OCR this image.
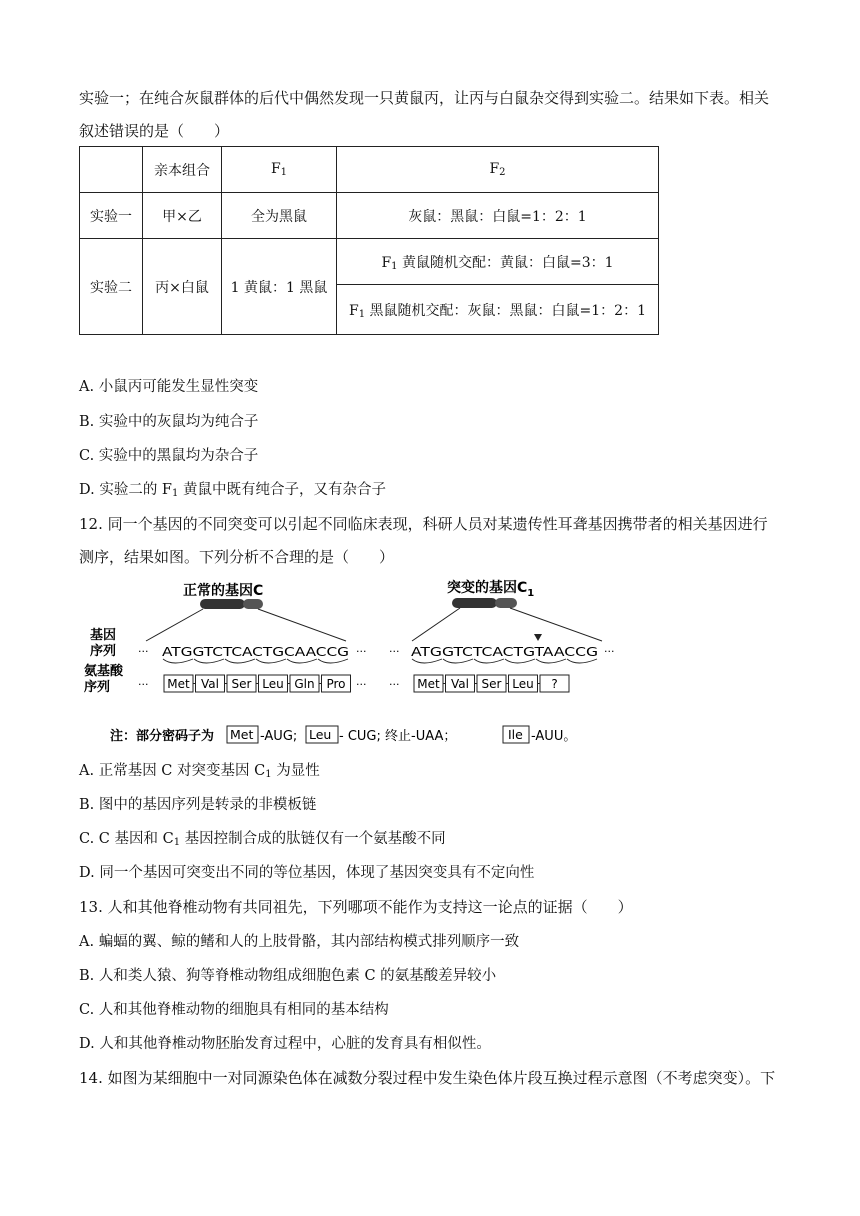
实验一；在纯合灰鼠群体的后代中偶然发现一只黄鼠丙，让丙与白鼠杂交得到实验二。结果如下表。相关
叙述错误的是（　　）
	亲本组合	$F_1$	$F_2$
实验一	甲×乙	全为黑鼠	灰鼠：黑鼠：白鼠=1：2：1
实验二	丙×白鼠	1 黄鼠：1 黑鼠	$F_1$ 黄鼠随机交配：黄鼠：白鼠=3：1
			$F_1$ 黑鼠随机交配：灰鼠：黑鼠：白鼠=1：2：1
A. 小鼠丙可能发生显性突变
B. 实验中的灰鼠均为纯合子
C. 实验中的黑鼠均为杂合子
D. 实验二的 $F_1$ 黄鼠中既有纯合子，又有杂合子
12. 同一个基因的不同突变可以引起不同临床表现，科研人员对某遗传性耳聋基因携带者的相关基因进行
测序，结果如图。下列分析不合理的是（　　）
正常的基因C	突变的基因$C_1$
基因
序列
氨基酸
序列
··· ATGGTCTCACTGCAACCG ··· ··· ATGGTCTCACTGTAACCG ···
··· Met Val Ser Leu Gln Pro ··· ··· Met Val Ser Leu ?
注：部分密码子为 Met -AUG; Leu - CUG; 终止-UAA；	Ile -AUU。
A. 正常基因 C 对突变基因 $C_1$ 为显性
B. 图中的基因序列是转录的非模板链
C. C 基因和 $C_1$ 基因控制合成的肽链仅有一个氨基酸不同
D. 同一个基因可突变出不同的等位基因，体现了基因突变具有不定向性
13. 人和其他脊椎动物有共同祖先，下列哪项不能作为支持这一论点的证据（　　）
A. 蝙蝠的翼、鲸的鳍和人的上肢骨骼，其内部结构模式排列顺序一致
B. 人和类人猿、狗等脊椎动物组成细胞色素 C 的氨基酸差异较小
C. 人和其他脊椎动物的细胞具有相同的基本结构
D. 人和其他脊椎动物胚胎发育过程中，心脏的发育具有相似性。
14. 如图为某细胞中一对同源染色体在减数分裂过程中发生染色体片段互换过程示意图（不考虑突变）。下
